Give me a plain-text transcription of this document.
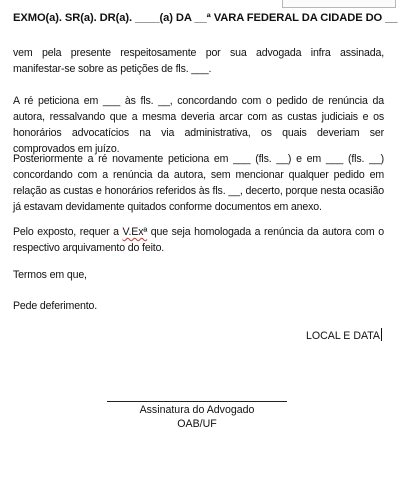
EXMO(a). SR(a). DR(a). ____(a) DA __ª VARA FEDERAL DA CIDADE DO __
vem pela presente respeitosamente por sua advogada infra assinada, manifestar-se sobre as petições de fls. ___.
A ré peticiona em ___ às fls. __, concordando com o pedido de renúncia da autora, ressalvando que a mesma deveria arcar com as custas judiciais e os honorários advocatícios na via administrativa, os quais deveriam ser comprovados em juízo.
Posteriormente a ré novamente peticiona em ___ (fls. __) e em ___ (fls. __) concordando com a renúncia da autora, sem mencionar qualquer pedido em relação as custas e honorários referidos às fls. __, decerto, porque nesta ocasião já estavam devidamente quitados conforme documentos em anexo.
Pelo exposto, requer a V.Exª que seja homologada a renúncia da autora com o respectivo arquivamento do feito.
Termos em que,
Pede deferimento.
LOCAL E DATA
Assinatura do Advogado
OAB/UF
